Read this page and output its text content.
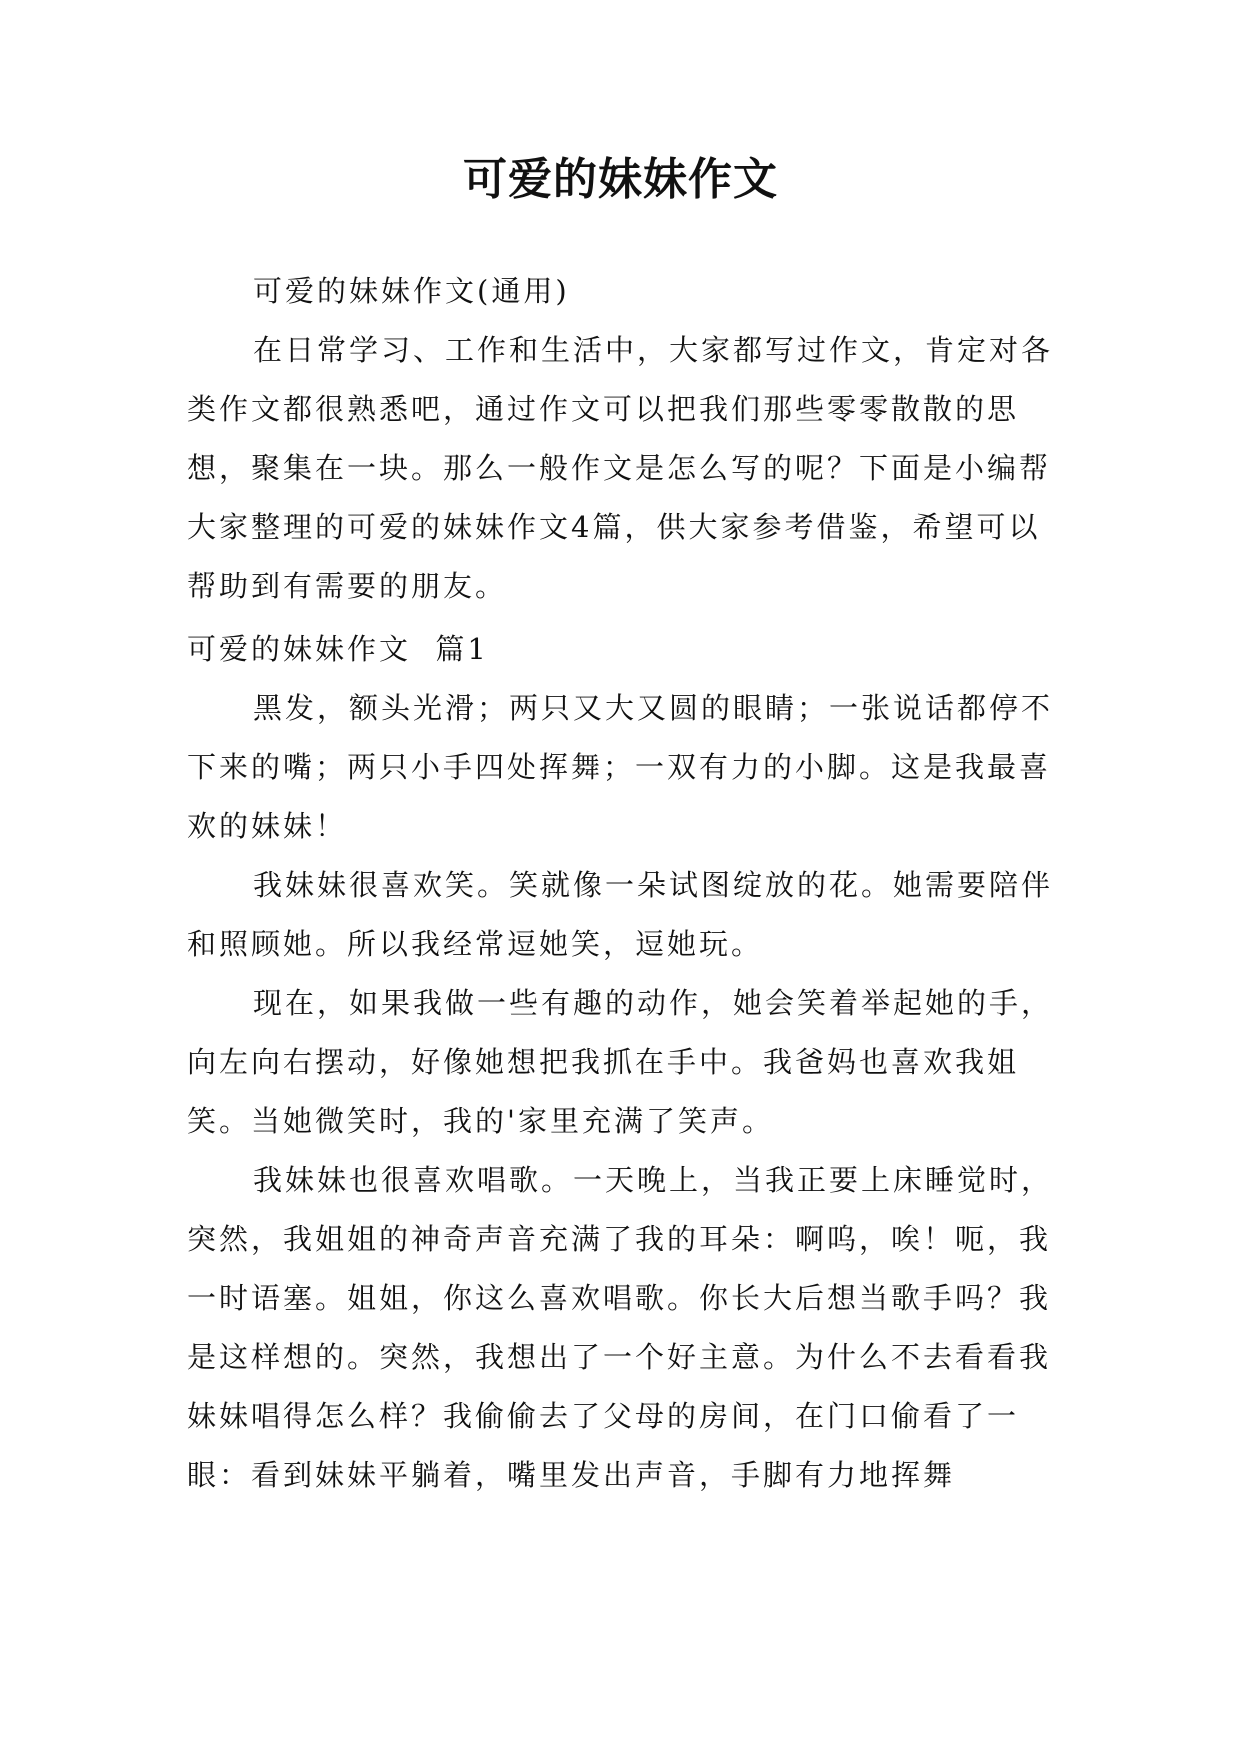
可爱的妹妹作文

可爱的妹妹作文(通用)

在日常学习、工作和生活中，大家都写过作文，肯定对各类作文都很熟悉吧，通过作文可以把我们那些零零散散的思想，聚集在一块。那么一般作文是怎么写的呢？下面是小编帮大家整理的可爱的妹妹作文4篇，供大家参考借鉴，希望可以帮助到有需要的朋友。

可爱的妹妹作文  篇1

黑发，额头光滑；两只又大又圆的眼睛；一张说话都停不下来的嘴；两只小手四处挥舞；一双有力的小脚。这是我最喜欢的妹妹！

我妹妹很喜欢笑。笑就像一朵试图绽放的花。她需要陪伴和照顾她。所以我经常逗她笑，逗她玩。

现在，如果我做一些有趣的动作，她会笑着举起她的手，向左向右摆动，好像她想把我抓在手中。我爸妈也喜欢我姐笑。当她微笑时，我的'家里充满了笑声。

我妹妹也很喜欢唱歌。一天晚上，当我正要上床睡觉时，突然，我姐姐的神奇声音充满了我的耳朵：啊呜，唉！呃，我一时语塞。姐姐，你这么喜欢唱歌。你长大后想当歌手吗？我是这样想的。突然，我想出了一个好主意。为什么不去看看我妹妹唱得怎么样？我偷偷去了父母的房间，在门口偷看了一眼：看到妹妹平躺着，嘴里发出声音，手脚有力地挥舞
